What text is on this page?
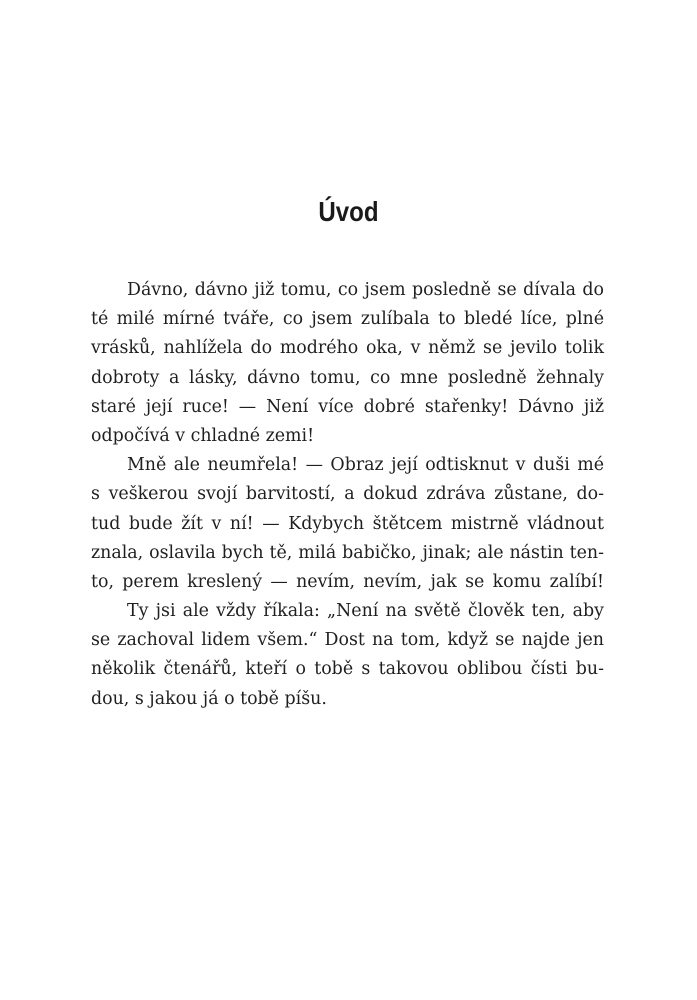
Úvod
Dávno, dávno již tomu, co jsem posledně se dívala do
té milé mírné tváře, co jsem zulíbala to bledé líce, plné
vrásků, nahlížela do modrého oka, v němž se jevilo tolik
dobroty a lásky, dávno tomu, co mne posledně žehnaly
staré její ruce! — Není více dobré stařenky! Dávno již
odpočívá v chladné zemi!
Mně ale neumřela! — Obraz její odtisknut v duši mé
s veškerou svojí barvitostí, a dokud zdráva zůstane, do-
tud bude žít v ní! — Kdybych štětcem mistrně vládnout
znala, oslavila bych tě, milá babičko, jinak; ale nástin ten-
to, perem kreslený — nevím, nevím, jak se komu zalíbí!
Ty jsi ale vždy říkala: „Není na světě člověk ten, aby
se zachoval lidem všem.“ Dost na tom, když se najde jen
několik čtenářů, kteří o tobě s takovou oblibou čísti bu-
dou, s jakou já o tobě píšu.
